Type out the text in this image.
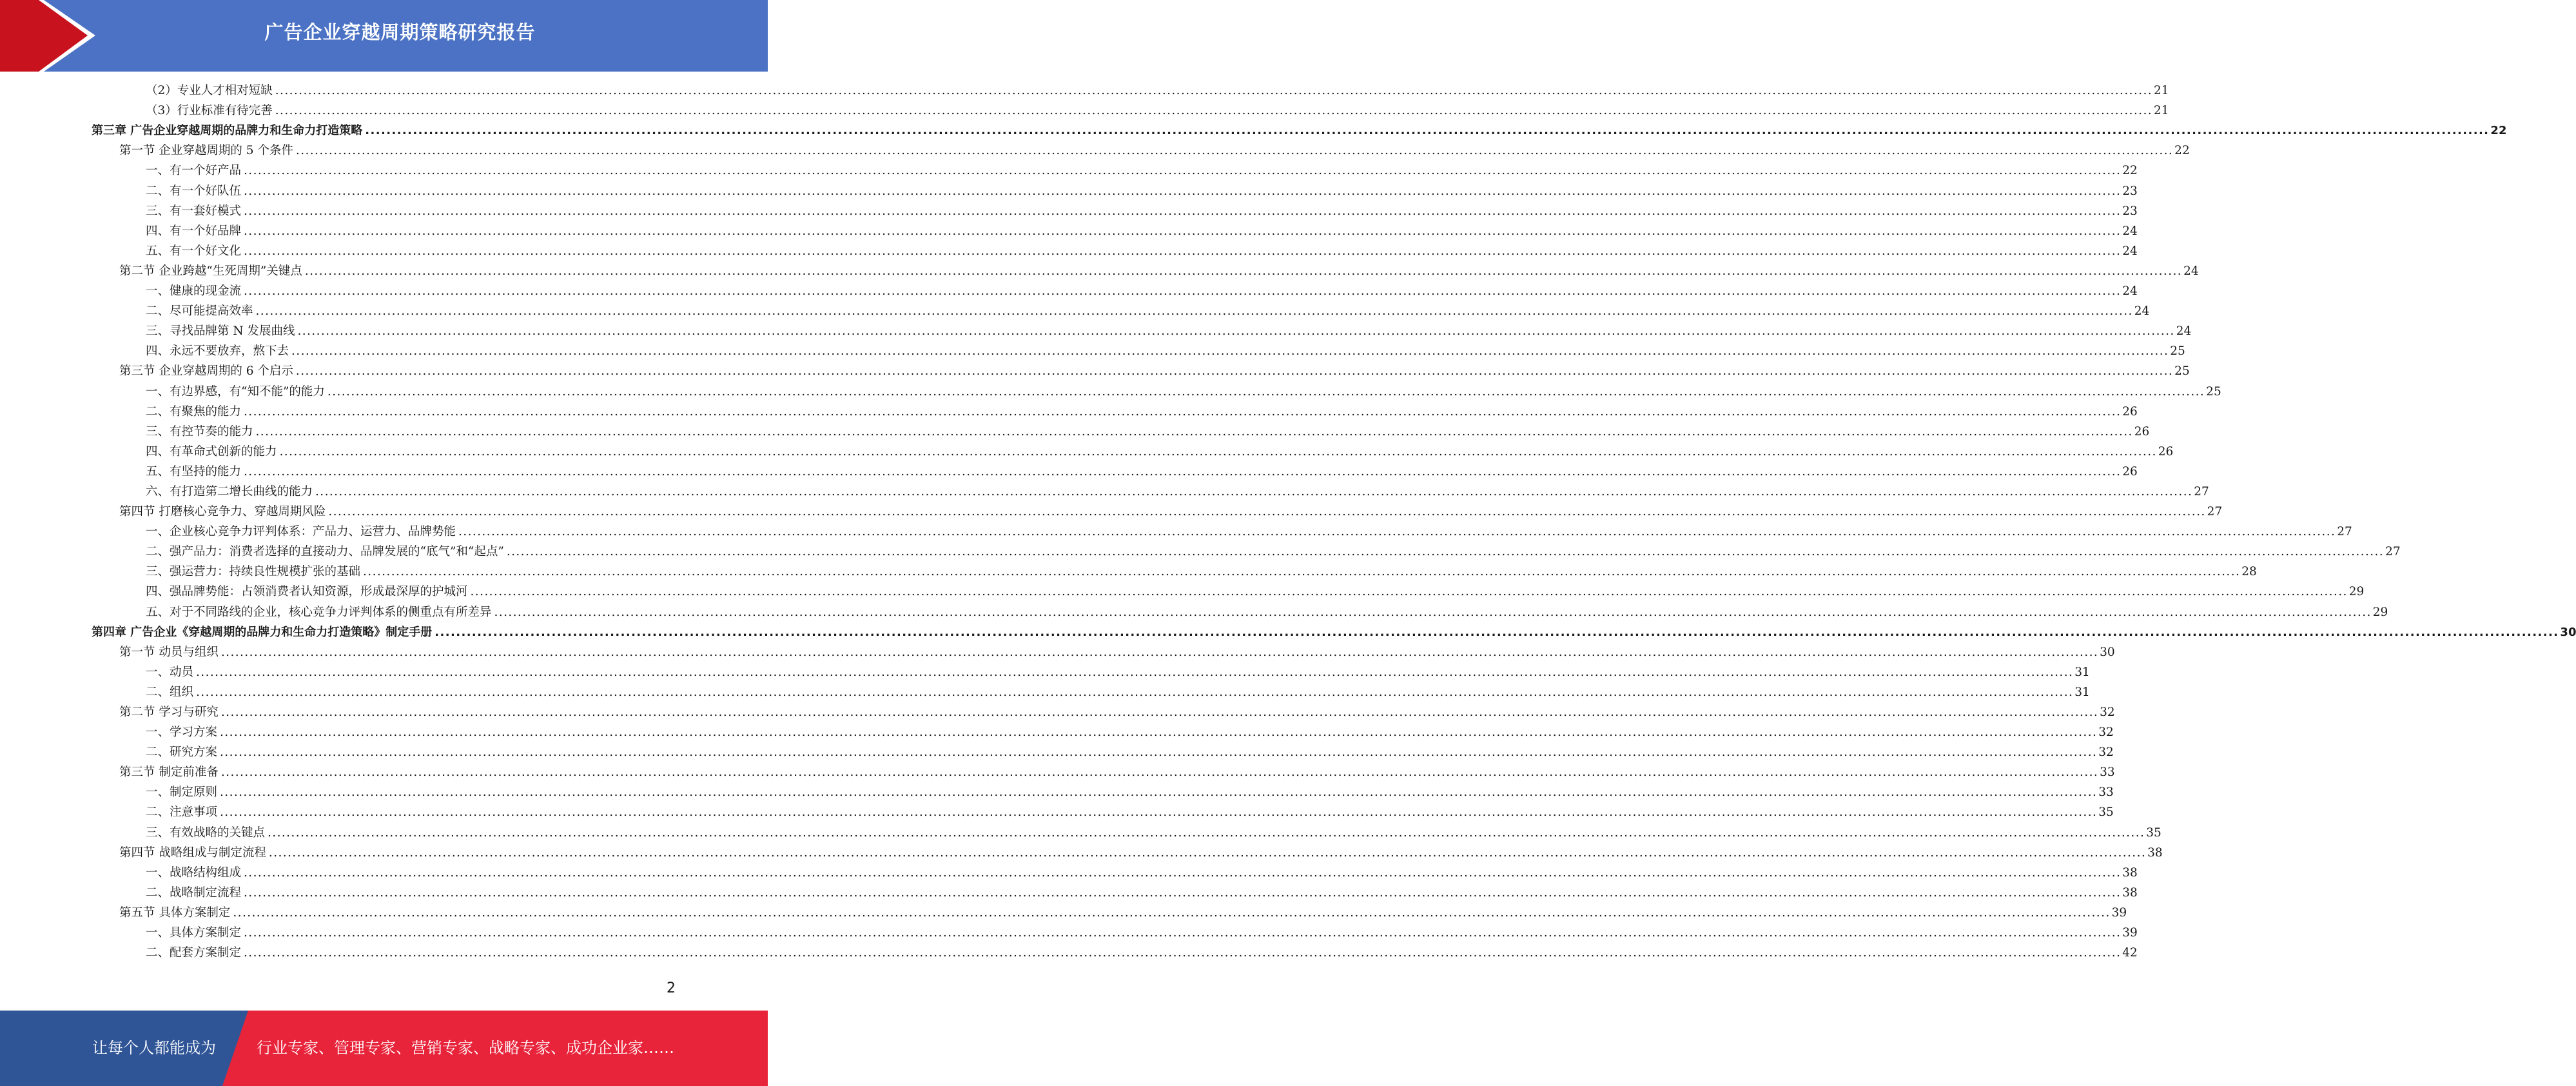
广告企业穿越周期策略研究报告
（2）专业人才相对短缺 ................................................................................................................................................................................................................................................................................................................................................................................................................ 21
（3）行业标准有待完善 ................................................................................................................................................................................................................................................................................................................................................................................................................ 21
第三章 广告企业穿越周期的品牌力和生命力打造策略 ................................................................................................................................................................................................................................................................................................................................................................................................................ 22
第一节 企业穿越周期的 5 个条件 ................................................................................................................................................................................................................................................................................................................................................................................................................ 22
一、有一个好产品 ................................................................................................................................................................................................................................................................................................................................................................................................................ 22
二、有一个好队伍 ................................................................................................................................................................................................................................................................................................................................................................................................................ 23
三、有一套好模式 ................................................................................................................................................................................................................................................................................................................................................................................................................ 23
四、有一个好品牌 ................................................................................................................................................................................................................................................................................................................................................................................................................ 24
五、有一个好文化 ................................................................................................................................................................................................................................................................................................................................................................................................................ 24
第二节 企业跨越“生死周期”关键点 ................................................................................................................................................................................................................................................................................................................................................................................................................ 24
一、健康的现金流 ................................................................................................................................................................................................................................................................................................................................................................................................................ 24
二、尽可能提高效率 ................................................................................................................................................................................................................................................................................................................................................................................................................ 24
三、寻找品牌第 N 发展曲线 ................................................................................................................................................................................................................................................................................................................................................................................................................ 24
四、永远不要放弃，熬下去 ................................................................................................................................................................................................................................................................................................................................................................................................................ 25
第三节 企业穿越周期的 6 个启示 ................................................................................................................................................................................................................................................................................................................................................................................................................ 25
一、有边界感，有“知不能”的能力 ................................................................................................................................................................................................................................................................................................................................................................................................................ 25
二、有聚焦的能力 ................................................................................................................................................................................................................................................................................................................................................................................................................ 26
三、有控节奏的能力 ................................................................................................................................................................................................................................................................................................................................................................................................................ 26
四、有革命式创新的能力 ................................................................................................................................................................................................................................................................................................................................................................................................................ 26
五、有坚持的能力 ................................................................................................................................................................................................................................................................................................................................................................................................................ 26
六、有打造第二增长曲线的能力 ................................................................................................................................................................................................................................................................................................................................................................................................................ 27
第四节 打磨核心竞争力、穿越周期风险 ................................................................................................................................................................................................................................................................................................................................................................................................................ 27
一、企业核心竞争力评判体系：产品力、运营力、品牌势能 ................................................................................................................................................................................................................................................................................................................................................................................................................ 27
二、强产品力：消费者选择的直接动力、品牌发展的“底气”和“起点” ................................................................................................................................................................................................................................................................................................................................................................................................................ 27
三、强运营力：持续良性规模扩张的基础 ................................................................................................................................................................................................................................................................................................................................................................................................................ 28
四、强品牌势能：占领消费者认知资源，形成最深厚的护城河 ................................................................................................................................................................................................................................................................................................................................................................................................................ 29
五、对于不同路线的企业，核心竞争力评判体系的侧重点有所差异 ................................................................................................................................................................................................................................................................................................................................................................................................................ 29
第四章 广告企业《穿越周期的品牌力和生命力打造策略》制定手册 ................................................................................................................................................................................................................................................................................................................................................................................................................ 30
第一节 动员与组织 ................................................................................................................................................................................................................................................................................................................................................................................................................ 30
一、动员 ................................................................................................................................................................................................................................................................................................................................................................................................................ 31
二、组织 ................................................................................................................................................................................................................................................................................................................................................................................................................ 31
第二节 学习与研究 ................................................................................................................................................................................................................................................................................................................................................................................................................ 32
一、学习方案 ................................................................................................................................................................................................................................................................................................................................................................................................................ 32
二、研究方案 ................................................................................................................................................................................................................................................................................................................................................................................................................ 32
第三节 制定前准备 ................................................................................................................................................................................................................................................................................................................................................................................................................ 33
一、制定原则 ................................................................................................................................................................................................................................................................................................................................................................................................................ 33
二、注意事项 ................................................................................................................................................................................................................................................................................................................................................................................................................ 35
三、有效战略的关键点 ................................................................................................................................................................................................................................................................................................................................................................................................................ 35
第四节 战略组成与制定流程 ................................................................................................................................................................................................................................................................................................................................................................................................................ 38
一、战略结构组成 ................................................................................................................................................................................................................................................................................................................................................................................................................ 38
二、战略制定流程 ................................................................................................................................................................................................................................................................................................................................................................................................................ 38
第五节 具体方案制定 ................................................................................................................................................................................................................................................................................................................................................................................................................ 39
一、具体方案制定 ................................................................................................................................................................................................................................................................................................................................................................................................................ 39
二、配套方案制定 ................................................................................................................................................................................................................................................................................................................................................................................................................ 42
2
让每个人都能成为	行业专家、管理专家、营销专家、战略专家、成功企业家……
